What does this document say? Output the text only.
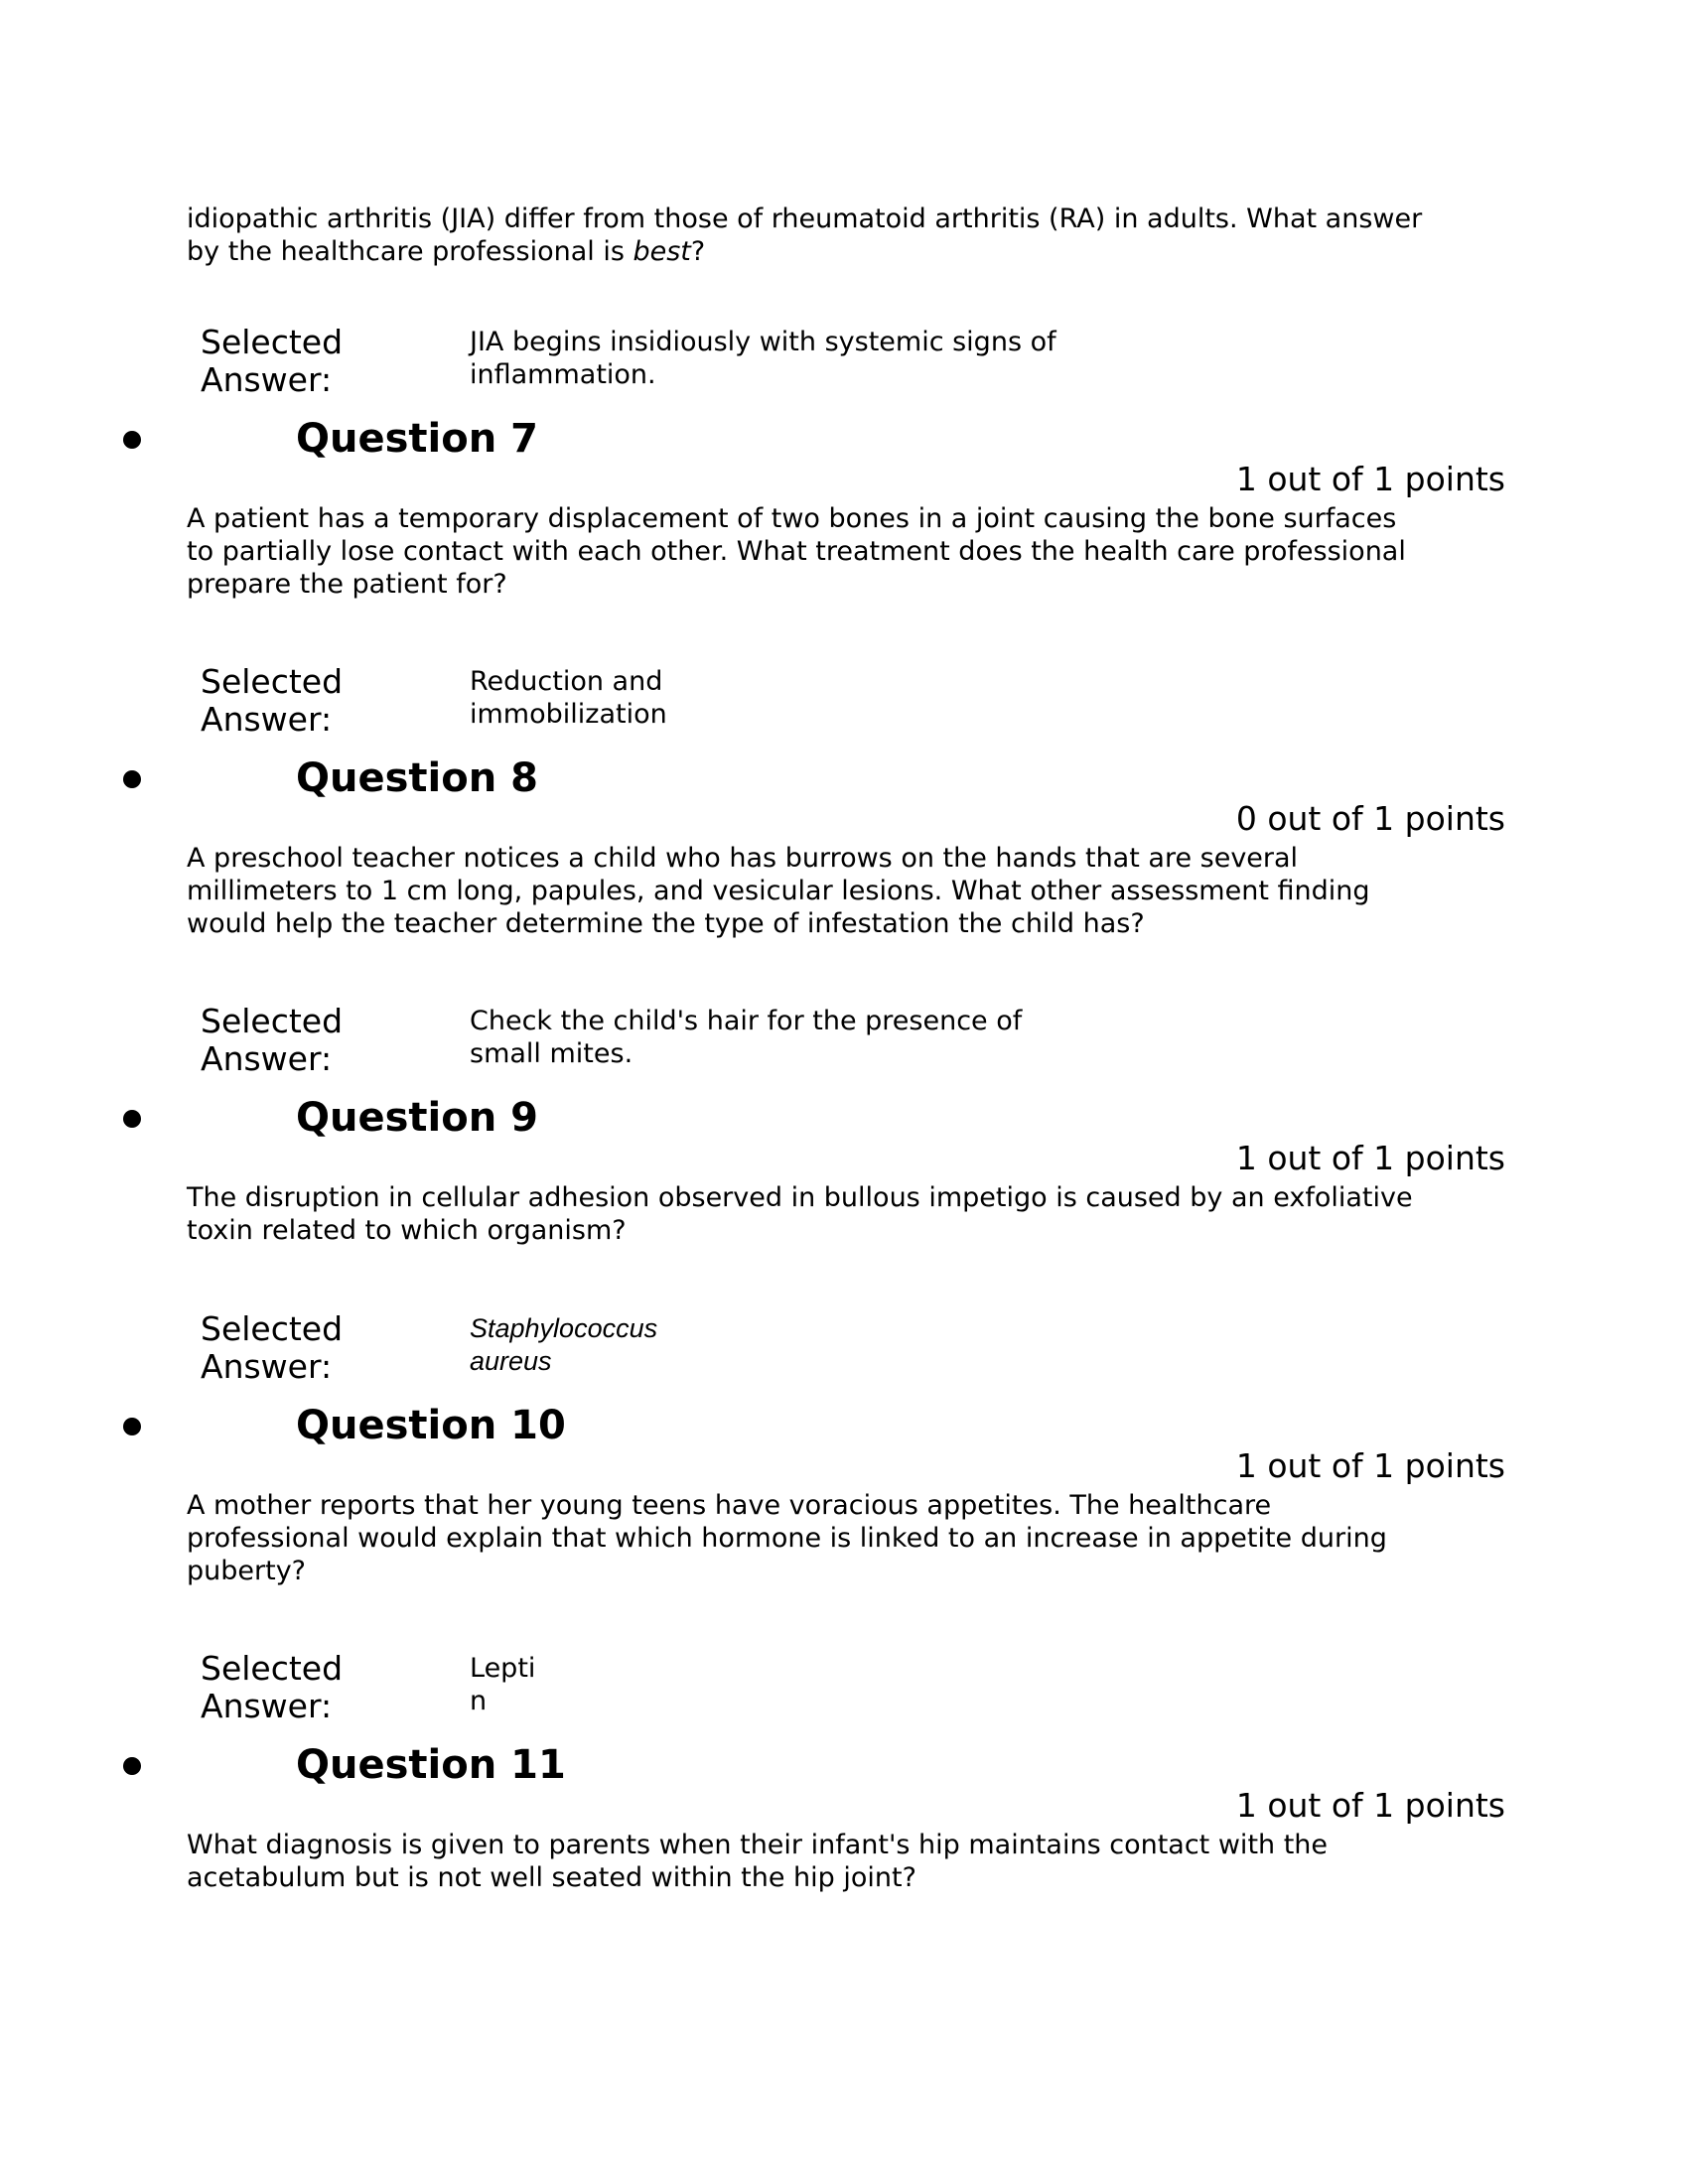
idiopathic arthritis (JIA) differ from those of rheumatoid arthritis (RA) in adults. What answer by the healthcare professional is best?

Selected Answer:
JIA begins insidiously with systemic signs of inflammation.
Question 7
1 out of 1 points

A patient has a temporary displacement of two bones in a joint causing the bone surfaces to partially lose contact with each other. What treatment does the health care professional prepare the patient for?

Selected Answer:
Reduction and immobilization
Question 8
0 out of 1 points

A preschool teacher notices a child who has burrows on the hands that are several millimeters to 1 cm long, papules, and vesicular lesions. What other assessment finding would help the teacher determine the type of infestation the child has?

Selected Answer:
Check the child's hair for the presence of small mites.
Question 9
1 out of 1 points

The disruption in cellular adhesion observed in bullous impetigo is caused by an exfoliative toxin related to which organism?

Selected Answer:
Staphylococcus aureus
Question 10
1 out of 1 points

A mother reports that her young teens have voracious appetites. The healthcare professional would explain that which hormone is linked to an increase in appetite during puberty?

Selected Answer:
Leptin
Question 11
1 out of 1 points

What diagnosis is given to parents when their infant's hip maintains contact with the acetabulum but is not well seated within the hip joint?
